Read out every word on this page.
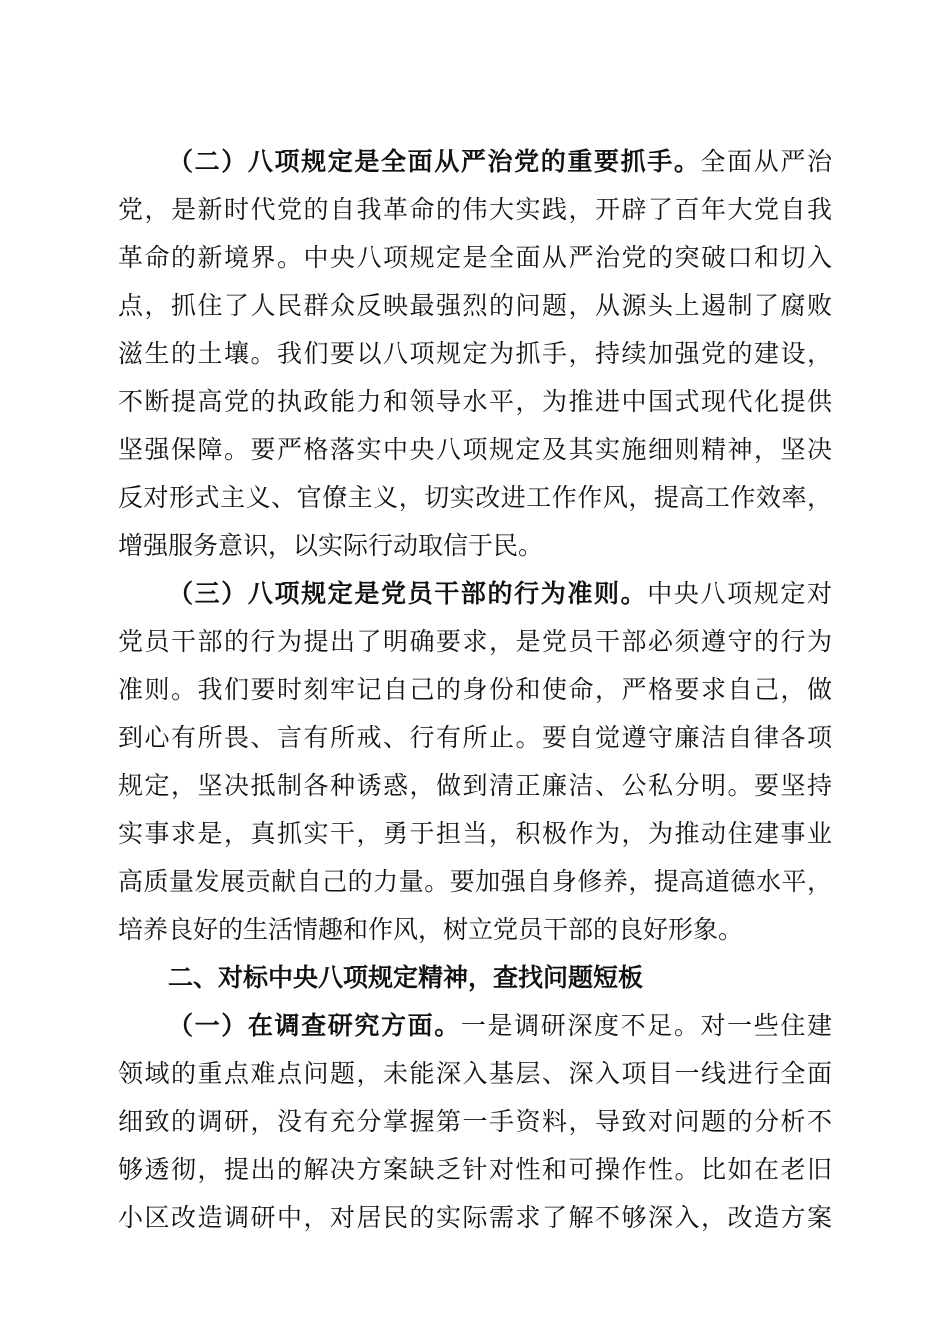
（二）八项规定是全面从严治党的重要抓手。全面从严治
党，是新时代党的自我革命的伟大实践，开辟了百年大党自我
革命的新境界。中央八项规定是全面从严治党的突破口和切入
点，抓住了人民群众反映最强烈的问题，从源头上遏制了腐败
滋生的土壤。我们要以八项规定为抓手，持续加强党的建设，
不断提高党的执政能力和领导水平，为推进中国式现代化提供
坚强保障。要严格落实中央八项规定及其实施细则精神，坚决
反对形式主义、官僚主义，切实改进工作作风，提高工作效率，
增强服务意识，以实际行动取信于民。
（三）八项规定是党员干部的行为准则。中央八项规定对
党员干部的行为提出了明确要求，是党员干部必须遵守的行为
准则。我们要时刻牢记自己的身份和使命，严格要求自己，做
到心有所畏、言有所戒、行有所止。要自觉遵守廉洁自律各项
规定，坚决抵制各种诱惑，做到清正廉洁、公私分明。要坚持
实事求是，真抓实干，勇于担当，积极作为，为推动住建事业
高质量发展贡献自己的力量。要加强自身修养，提高道德水平，
培养良好的生活情趣和作风，树立党员干部的良好形象。
二、对标中央八项规定精神，查找问题短板
（一）在调查研究方面。一是调研深度不足。对一些住建
领域的重点难点问题，未能深入基层、深入项目一线进行全面
细致的调研，没有充分掌握第一手资料，导致对问题的分析不
够透彻，提出的解决方案缺乏针对性和可操作性。比如在老旧
小区改造调研中，对居民的实际需求了解不够深入，改造方案
